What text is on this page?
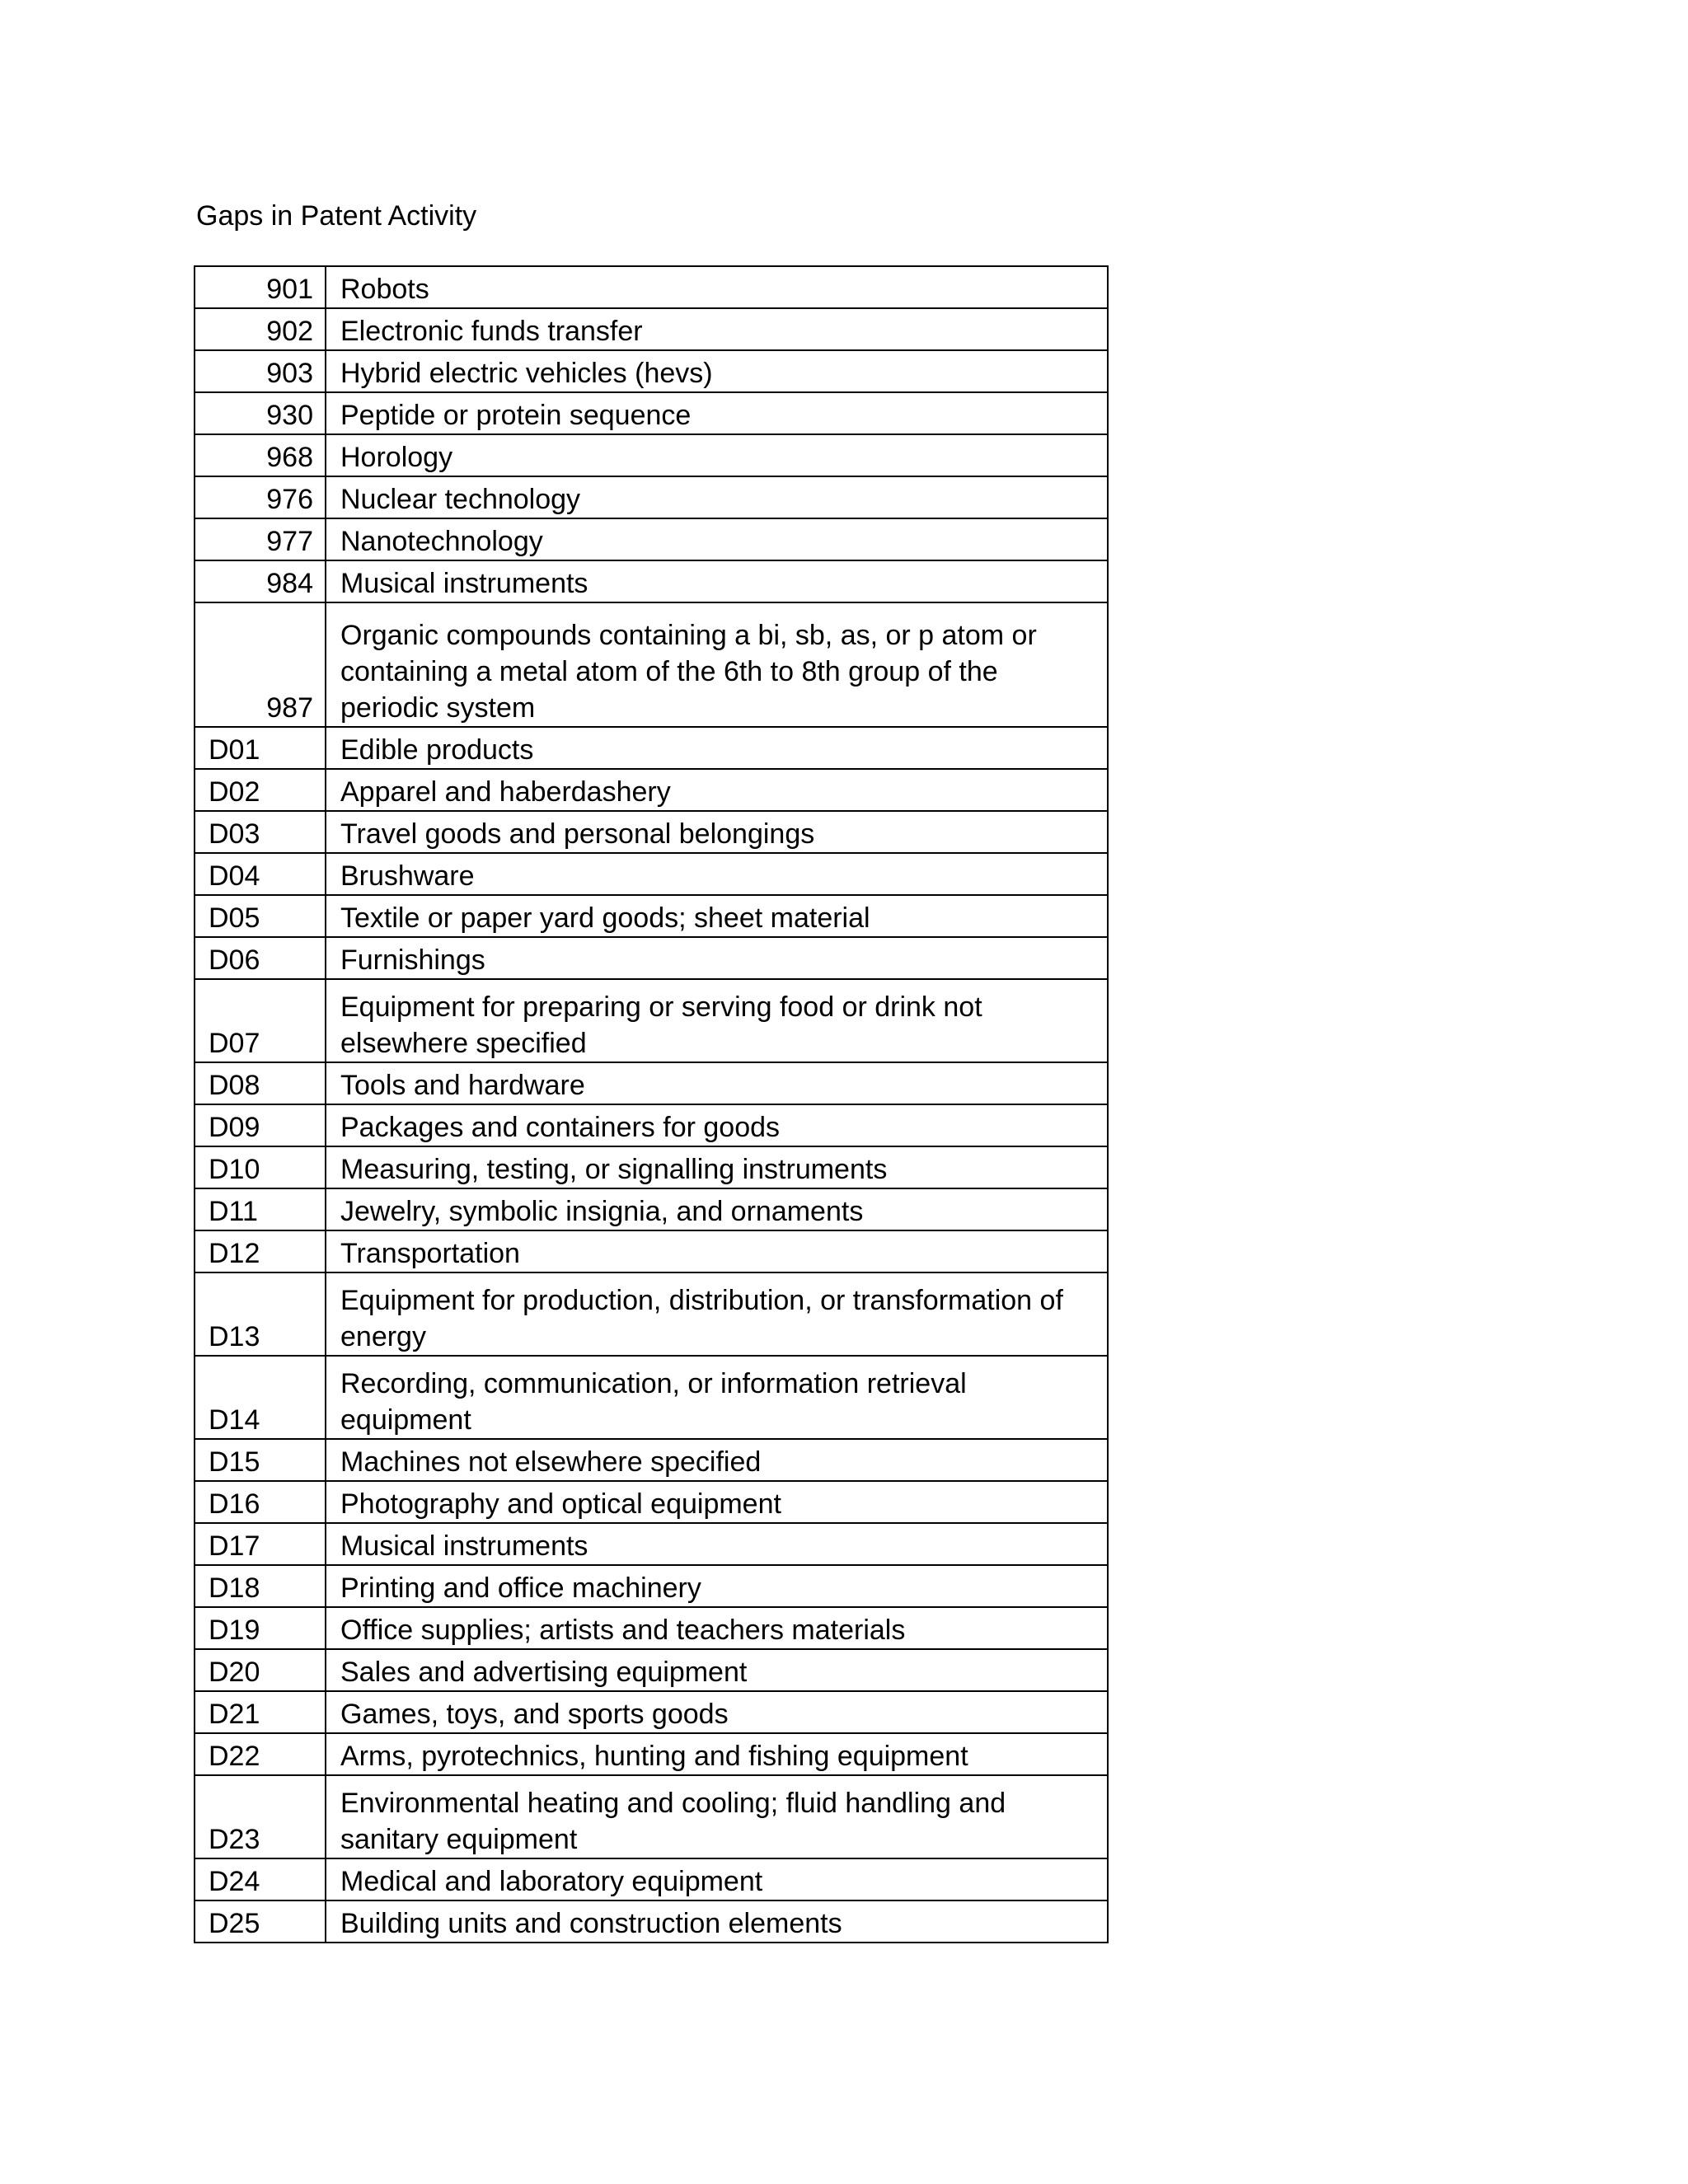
Gaps in Patent Activity
901	Robots
902	Electronic funds transfer
903	Hybrid electric vehicles (hevs)
930	Peptide or protein sequence
968	Horology
976	Nuclear technology
977	Nanotechnology
984	Musical instruments
987	Organic compounds containing a bi, sb, as, or p atom or containing a metal atom of the 6th to 8th group of the periodic system
D01	Edible products
D02	Apparel and haberdashery
D03	Travel goods and personal belongings
D04	Brushware
D05	Textile or paper yard goods; sheet material
D06	Furnishings
D07	Equipment for preparing or serving food or drink not elsewhere specified
D08	Tools and hardware
D09	Packages and containers for goods
D10	Measuring, testing, or signalling instruments
D11	Jewelry, symbolic insignia, and ornaments
D12	Transportation
D13	Equipment for production, distribution, or transformation of energy
D14	Recording, communication, or information retrieval equipment
D15	Machines not elsewhere specified
D16	Photography and optical equipment
D17	Musical instruments
D18	Printing and office machinery
D19	Office supplies; artists and teachers materials
D20	Sales and advertising equipment
D21	Games, toys, and sports goods
D22	Arms, pyrotechnics, hunting and fishing equipment
D23	Environmental heating and cooling; fluid handling and sanitary equipment
D24	Medical and laboratory equipment
D25	Building units and construction elements
